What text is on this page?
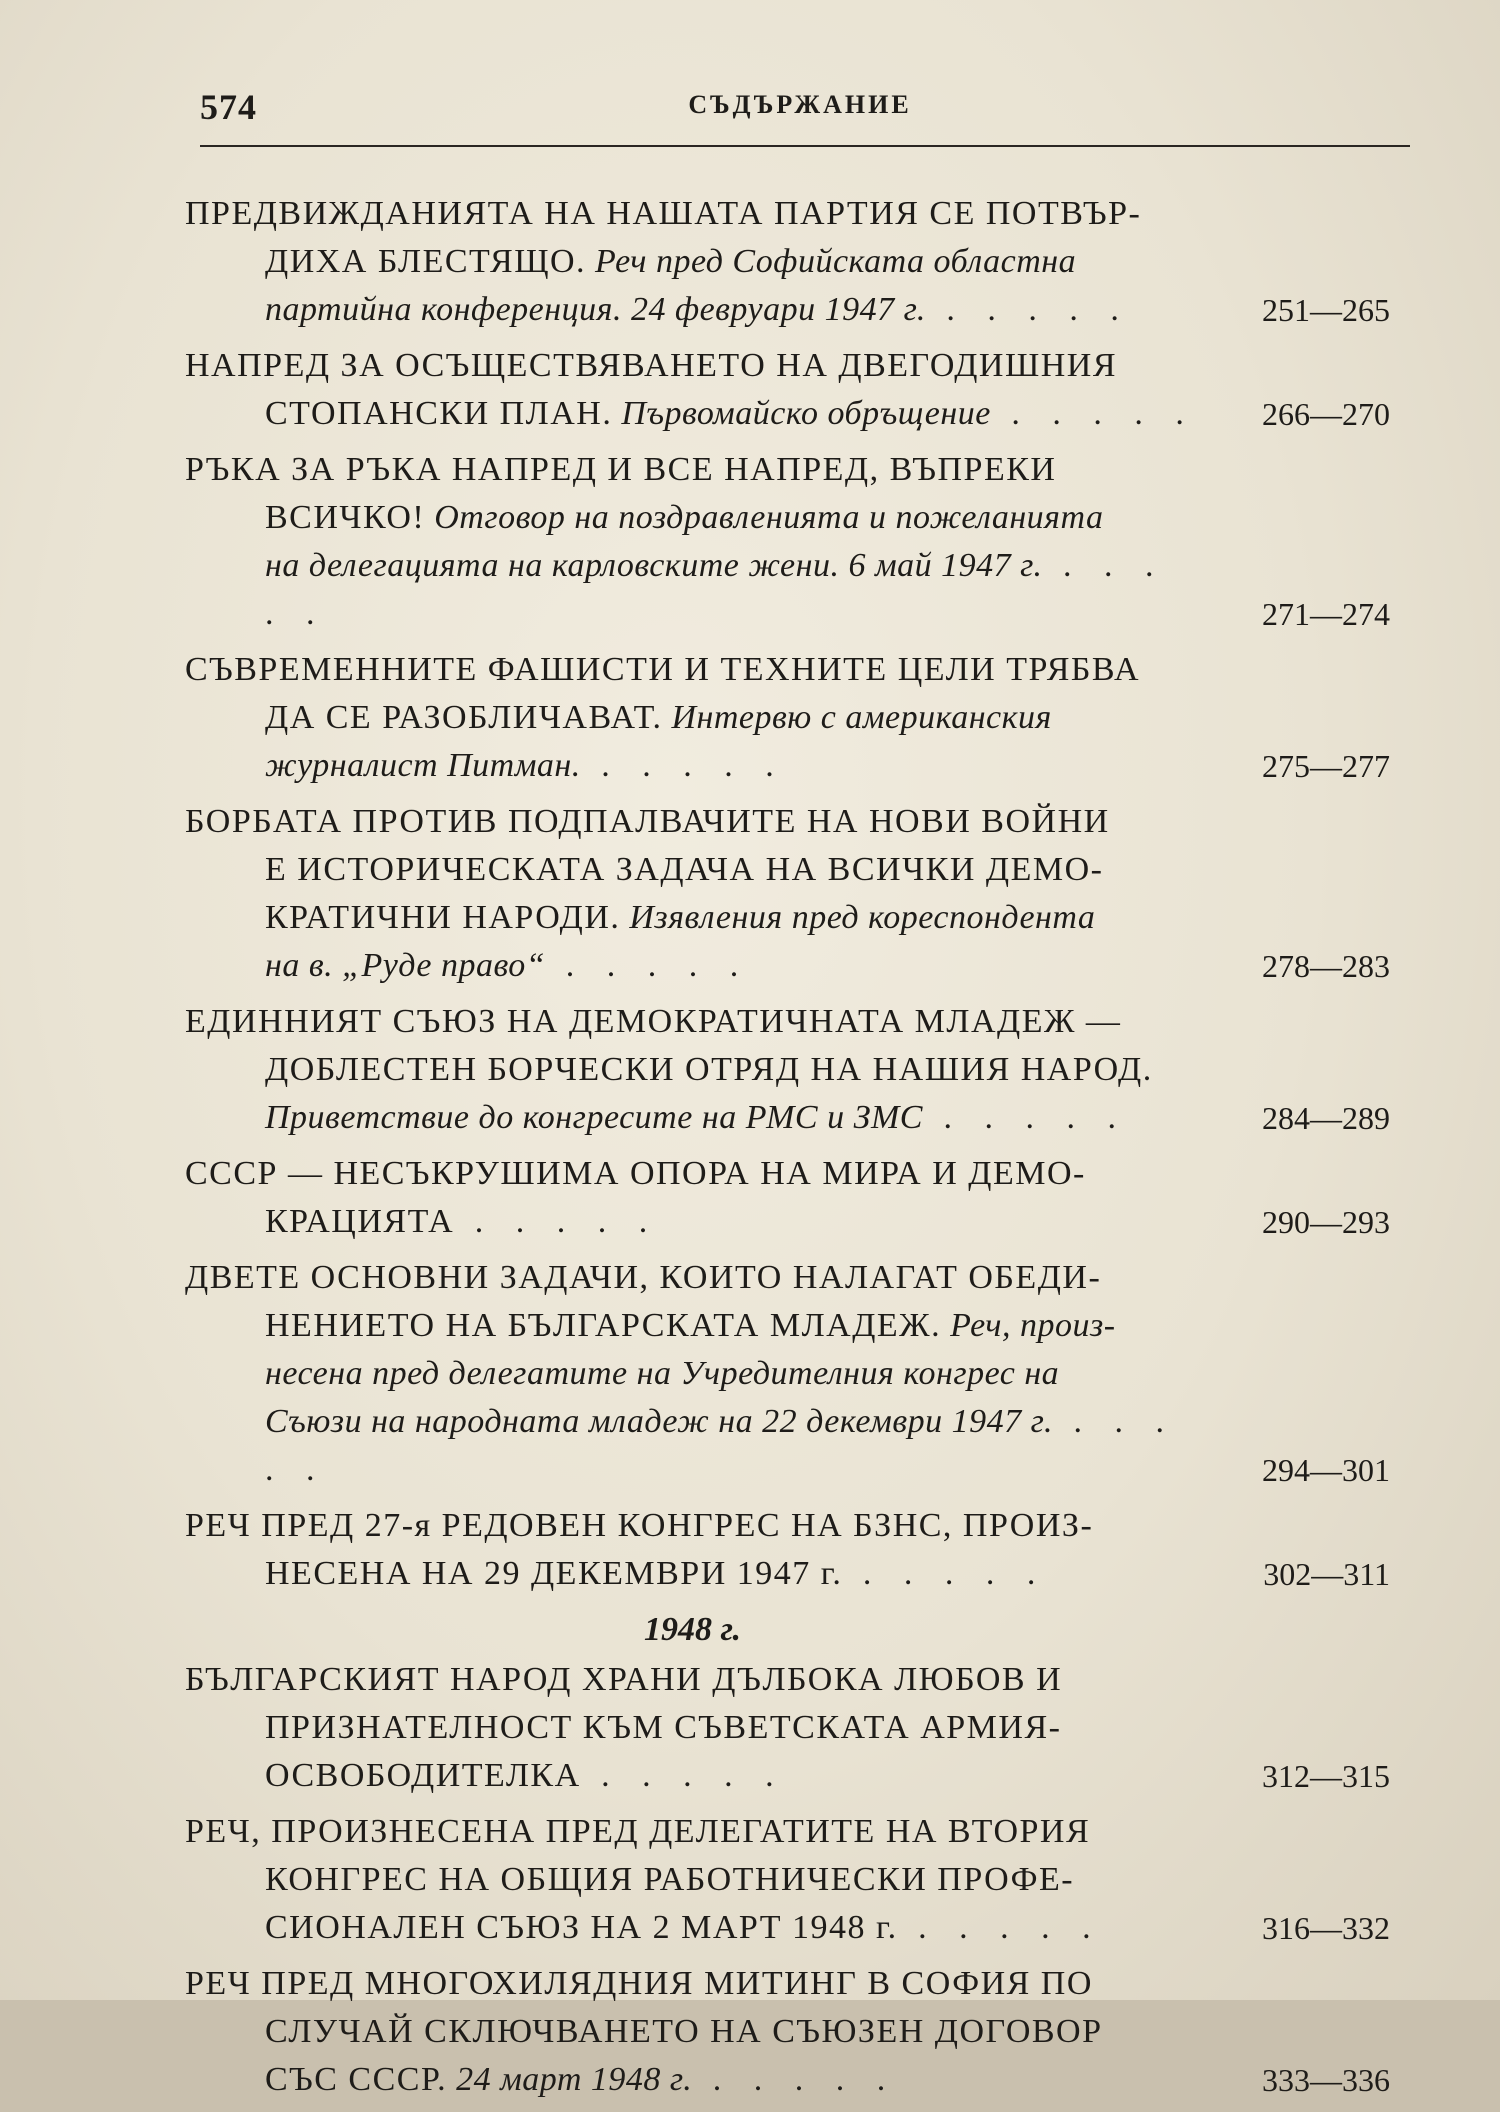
574	СЪДЪРЖАНИЕ

ПРЕДВИЖДАНИЯТА НА НАШАТА ПАРТИЯ СЕ ПОТВЪР-

ДИХА БЛЕСТЯЩО. Реч пред Софийската областна

партийна конференция. 24 февруари 1947 г. . . . . .	251—265

НАПРЕД ЗА ОСЪЩЕСТВЯВАНЕТО НА ДВЕГОДИШНИЯ

СТОПАНСКИ ПЛАН. Първомайско обръщение . . . . .	266—270

РЪКА ЗА РЪКА НАПРЕД И ВСЕ НАПРЕД, ВЪПРЕКИ

ВСИЧКО! Отговор на поздравленията и пожеланията

на делегацията на карловските жени. 6 май 1947 г. . . . . .	271—274

СЪВРЕМЕННИТЕ ФАШИСТИ И ТЕХНИТЕ ЦЕЛИ ТРЯБВА

ДА СЕ РАЗОБЛИЧАВАТ. Интервю с американския

журналист Питман. . . . . .	275—277

БОРБАТА ПРОТИВ ПОДПАЛВАЧИТЕ НА НОВИ ВОЙНИ

Е ИСТОРИЧЕСКАТА ЗАДАЧА НА ВСИЧКИ ДЕМО-

КРАТИЧНИ НАРОДИ. Изявления пред кореспондента

на в. „Руде право“ . . . . .	278—283

ЕДИННИЯТ СЪЮЗ НА ДЕМОКРАТИЧНАТА МЛАДЕЖ —

ДОБЛЕСТЕН БОРЧЕСКИ ОТРЯД НА НАШИЯ НАРОД. Приветствие до конгресите на РМС и ЗМС . . . . .	284—289

СССР — НЕСЪКРУШИМА ОПОРА НА МИРА И ДЕМО-

КРАЦИЯТА . . . . .	290—293

ДВЕТЕ ОСНОВНИ ЗАДАЧИ, КОИТО НАЛАГАТ ОБЕДИ-

НЕНИЕТО НА БЪЛГАРСКАТА МЛАДЕЖ. Реч, произ-

несена пред делегатите на Учредителния конгрес на

Съюзи на народната младеж на 22 декември 1947 г. . . . . .	294—301

РЕЧ ПРЕД 27-я РЕДОВЕН КОНГРЕС НА БЗНС, ПРОИЗ-

НЕСЕНА НА 29 ДЕКЕМВРИ 1947 г. . . . . .	302—311
1948 г.

БЪЛГАРСКИЯТ НАРОД ХРАНИ ДЪЛБОКА ЛЮБОВ И

ПРИЗНАТЕЛНОСТ КЪМ СЪВЕТСКАТА АРМИЯ-

ОСВОБОДИТЕЛКА . . . . .	312—315

РЕЧ, ПРОИЗНЕСЕНА ПРЕД ДЕЛЕГАТИТЕ НА ВТОРИЯ

КОНГРЕС НА ОБЩИЯ РАБОТНИЧЕСКИ ПРОФЕ-

СИОНАЛЕН СЪЮЗ НА 2 МАРТ 1948 г. . . . . .	316—332

РЕЧ ПРЕД МНОГОХИЛЯДНИЯ МИТИНГ В СОФИЯ ПО

СЛУЧАЙ СКЛЮЧВАНЕТО НА СЪЮЗЕН ДОГОВОР

СЪС СССР. 24 март 1948 г. . . . . .	333—336
